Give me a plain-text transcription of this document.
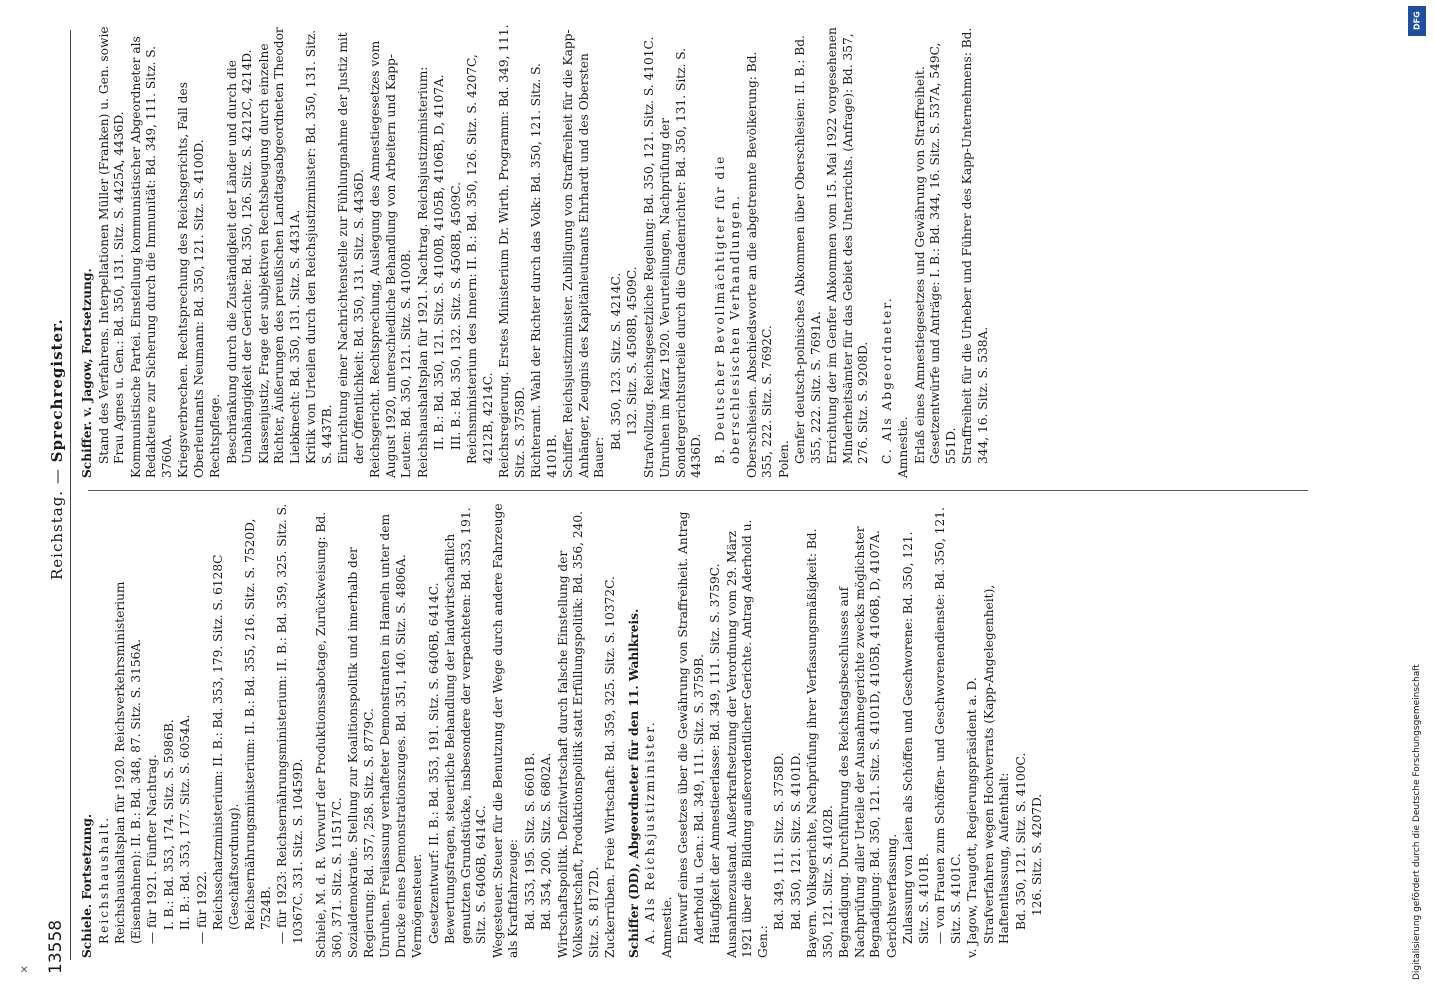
13558
Reichstag. — Sprechregister.
Schiele. Fortsetzung. Reichshaushalt. Reichshaushaltsplan für 1920. Reichsverkehrsministerium (Eisenbahnen): II. B.: Bd. 348, 87. Sitz. S. 3156A. — für 1921. Fünfter Nachtrag. I. B.: Bd. 353, 174. Sitz. S. 5986B. II. B.: Bd. 353, 177. Sitz. S. 6054A. — für 1922. Reichsschatzministerium: II. B.: Bd. 353, 179. Sitz. S. 6128C (Geschäftsordnung). Reichsernährungsministerium: II. B.: Bd. 355, 216. Sitz. S. 7520D, 7524B. — für 1923: Reichsernährungsministerium: II. B.: Bd. 359, 325. Sitz. S. 10367C. 331. Sitz. S. 10459D. Schiele, M. d. R. Vorwurf der Produktionssabotage, Zurückweisung: Bd. 360, 371. Sitz. S. 11517C. Sozialdemokratie. Stellung zur Koalitionspolitik und innerhalb der Regierung: Bd. 357, 258. Sitz. S. 8779C. Unruhen. Freilassung verhafteter Demonstranten in Hameln unter dem Drucke eines Demonstrationszuges. Bd. 351, 140. Sitz. S. 4806A. Vermögensteuer. Gesetzentwurf: II. B.: Bd. 353, 191. Sitz. S. 6406B, 6414C. Bewertungsfragen, steuerliche Behandlung der landwirtschaftlich genutzten Grundstücke, insbesondere der verpachteten: Bd. 353, 191. Sitz. S. 6406B, 6414C. Wegesteuer. Steuer für die Benutzung der Wege durch andere Fahrzeuge als Kraftfahrzeuge: Bd. 353, 195. Sitz. S. 6601B. Bd. 354, 200. Sitz. S. 6802A. Wirtschaftspolitik. Defizitwirtschaft durch falsche Einstellung der Volkswirtschaft, Produktionspolitik statt Erfüllungspolitik: Bd. 356, 240. Sitz. S. 8172D. Zuckerrüben. Freie Wirtschaft: Bd. 359, 325. Sitz. S. 10372C. Schiffer (DD), Abgeordneter für den 11. Wahlkreis. A. Als Reichsjustizminister. Amnestie. Entwurf eines Gesetzes über die Gewährung von Straffreiheit. Antrag Aderhold u. Gen.: Bd. 349, 111. Sitz. S. 3759B. Häufigkeit der Amnestieerlasse: Bd. 349, 111. Sitz. S. 3759C. Ausnahmezustand. Außerkraftsetzung der Verordnung vom 29. März 1921 über die Bildung außerordentlicher Gerichte. Antrag Aderhold u. Gen.:
Bd. 349, 111. Sitz. S. 3758D. Bd. 350, 121. Sitz. S. 4101D. Bayern. Volksgerichte, Nachprüfung ihrer Verfassungsmäßigkeit: Bd. 350, 121. Sitz. S. 4102B. Begnadigung. Durchführung des Reichstagsbeschlusses auf Nachprüfung aller Urteile der Ausnahmegerichte zwecks möglichster Begnadigung: Bd. 350, 121. Sitz. S. 4101D, 4105B, 4106B, D, 4107A. Gerichtsverfassung. Zulassung von Laien als Schöffen und Geschworene: Bd. 350, 121. Sitz. S. 4101B. — von Frauen zum Schöffen- und Geschworenendienste: Bd. 350, 121. Sitz. S. 4101C. v. Jagow, Traugott, Regierungspräsident a. D. Strafverfahren wegen Hochverrats (Kapp-Angelegenheit), Haftentlassung, Aufenthalt: Bd. 350, 121. Sitz. S. 4100C. 126. Sitz. S. 4207D.
Schiffer. v. Jagow, Fortsetzung. Stand des Verfahrens. Interpellationen Müller (Franken) u. Gen. sowie Frau Agnes u. Gen.: Bd. 350, 131. Sitz. S. 4425A, 4436D. Kommunistische Partei. Einstellung kommunistischer Abgeordneter als Redakteure zur Sicherung durch die Immunität: Bd. 349, 111. Sitz. S. 3760A. Kriegsverbrechen. Rechtsprechung des Reichsgerichts, Fall des Oberleutnants Neumann: Bd. 350, 121. Sitz. S. 4100D. Rechtspflege. Beschränkung durch die Zuständigkeit der Länder und durch die Unabhängigkeit der Gerichte: Bd. 350, 126. Sitz. S. 4212C, 4214D. Klassenjustiz, Frage der subjektiven Rechtsbeugung durch einzelne Richter, Äußerungen des preußischen Landtagsabgeordneten Theodor Liebknecht: Bd. 350, 131. Sitz. S. 4431A. Kritik von Urteilen durch den Reichsjustizminister: Bd. 350, 131. Sitz. S. 4437B. Einrichtung einer Nachrichtenstelle zur Fühlungnahme der Justiz mit der Öffentlichkeit: Bd. 350, 131. Sitz. S. 4436D. Reichsgericht. Rechtsprechung, Auslegung des Amnestiegesetzes vom August 1920, unterschiedliche Behandlung von Arbeitern und Kapp-Leuten: Bd. 350, 121. Sitz. S. 4100B. Reichshaushaltsplan für 1921. Nachtrag. Reichsjustizministerium: II. B.: Bd. 350, 121. Sitz. S. 4100B, 4105B, 4106B, D, 4107A. III. B.: Bd. 350, 132. Sitz. S. 4508B, 4509C. Reichsministerium des Innern: II. B.: Bd. 350, 126. Sitz. S. 4207C, 4212B, 4214C. Reichsregierung. Erstes Ministerium Dr. Wirth. Programm: Bd. 349, 111. Sitz. S. 3758D. Richteramt. Wahl der Richter durch das Volk: Bd. 350, 121. Sitz. S. 4101B. Schiffer, Reichsjustizminister. Zubilligung von Straffreiheit für die Kapp-Anhänger, Zeugnis des Kapitänleutnants Ehrhardt und des Obersten Bauer:
Bd. 350, 123. Sitz. S. 4214C. 132. Sitz. S. 4508B, 4509C. Strafvollzug. Reichsgesetzliche Regelung: Bd. 350, 121. Sitz. S. 4101C. Unruhen im März 1920. Verurteilungen, Nachprüfung der Sondergerichtsurteile durch die Gnadenrichter: Bd. 350, 131. Sitz. S. 4436D. B. Deutscher Bevollmächtigter für die oberschlesischen Verhandlungen. Oberschlesien. Abschiedsworte an die abgetrennte Bevölkerung: Bd. 355, 222. Sitz. S. 7692C. Polen. Genfer deutsch-polnisches Abkommen über Oberschlesien: II. B.: Bd. 355, 222. Sitz. S. 7691A. Errichtung der im Genfer Abkommen vom 15. Mai 1922 vorgesehenen Minderheitsämter für das Gebiet des Unterrichts. (Anfrage): Bd. 357, 276. Sitz. S. 9208D. C. Als Abgeordneter. Amnestie. Erlaß eines Amnestiegesetzes und Gewährung von Straffreiheit. Gesetzentwürfe und Anträge: I. B.: Bd. 344, 16. Sitz. S. 537A, 549C, 551D. Straffreiheit für die Urheber und Führer des Kapp-Unternehmens: Bd. 344, 16. Sitz. S. 538A.
DFG
Digitalisierung gefördert durch die Deutsche Forschungsgemeinschaft
✕
